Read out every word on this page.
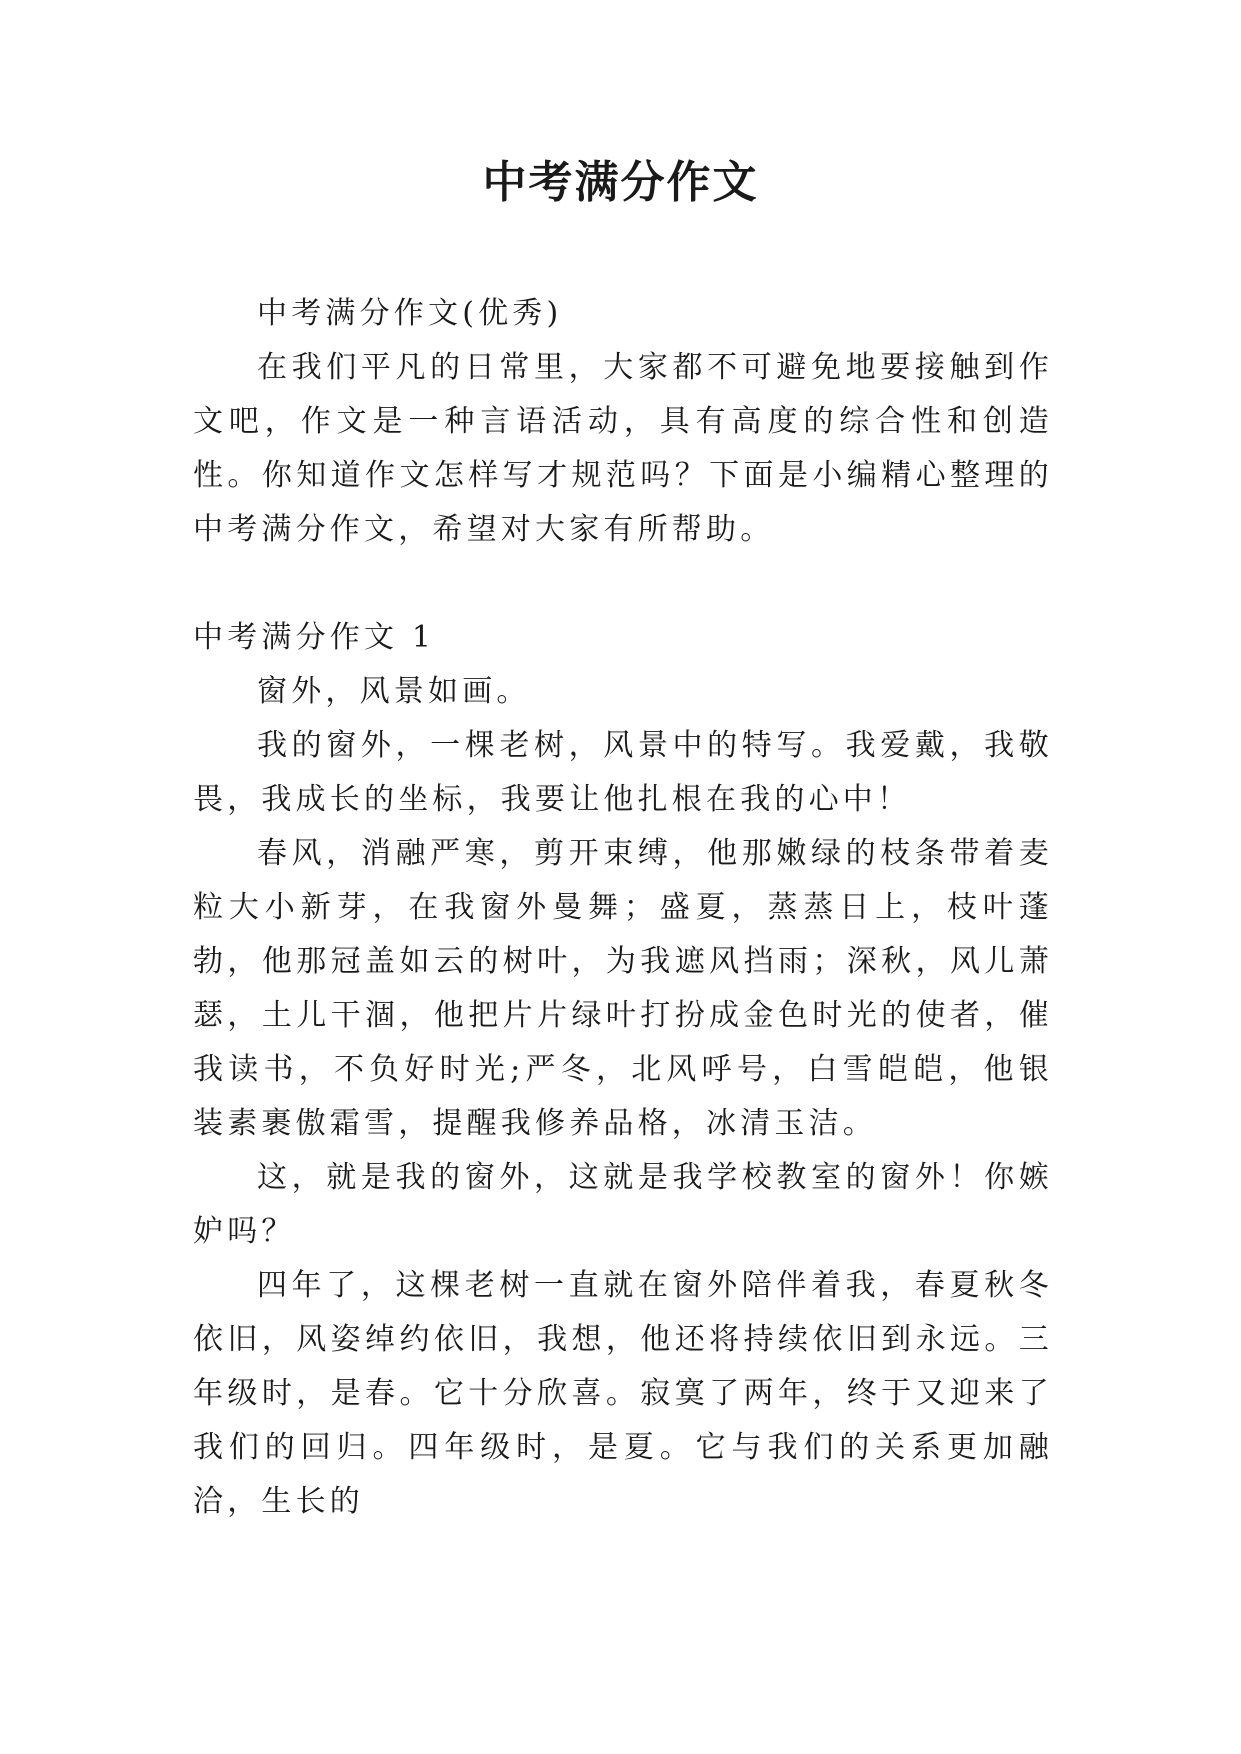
中考满分作文

中考满分作文(优秀)

在我们平凡的日常里，大家都不可避免地要接触到作文吧，作文是一种言语活动，具有高度的综合性和创造性。你知道作文怎样写才规范吗？下面是小编精心整理的中考满分作文，希望对大家有所帮助。

中考满分作文 1

窗外，风景如画。

我的窗外，一棵老树，风景中的特写。我爱戴，我敬畏，我成长的坐标，我要让他扎根在我的心中！

春风，消融严寒，剪开束缚，他那嫩绿的枝条带着麦粒大小新芽，在我窗外曼舞；盛夏，蒸蒸日上，枝叶蓬勃，他那冠盖如云的树叶，为我遮风挡雨；深秋，风儿萧瑟，土儿干涸，他把片片绿叶打扮成金色时光的使者，催我读书，不负好时光;严冬，北风呼号，白雪皑皑，他银装素裹傲霜雪，提醒我修养品格，冰清玉洁。

这，就是我的窗外，这就是我学校教室的窗外！你嫉妒吗？

四年了，这棵老树一直就在窗外陪伴着我，春夏秋冬依旧，风姿绰约依旧，我想，他还将持续依旧到永远。三年级时，是春。它十分欣喜。寂寞了两年，终于又迎来了我们的回归。四年级时，是夏。它与我们的关系更加融洽，生长的
